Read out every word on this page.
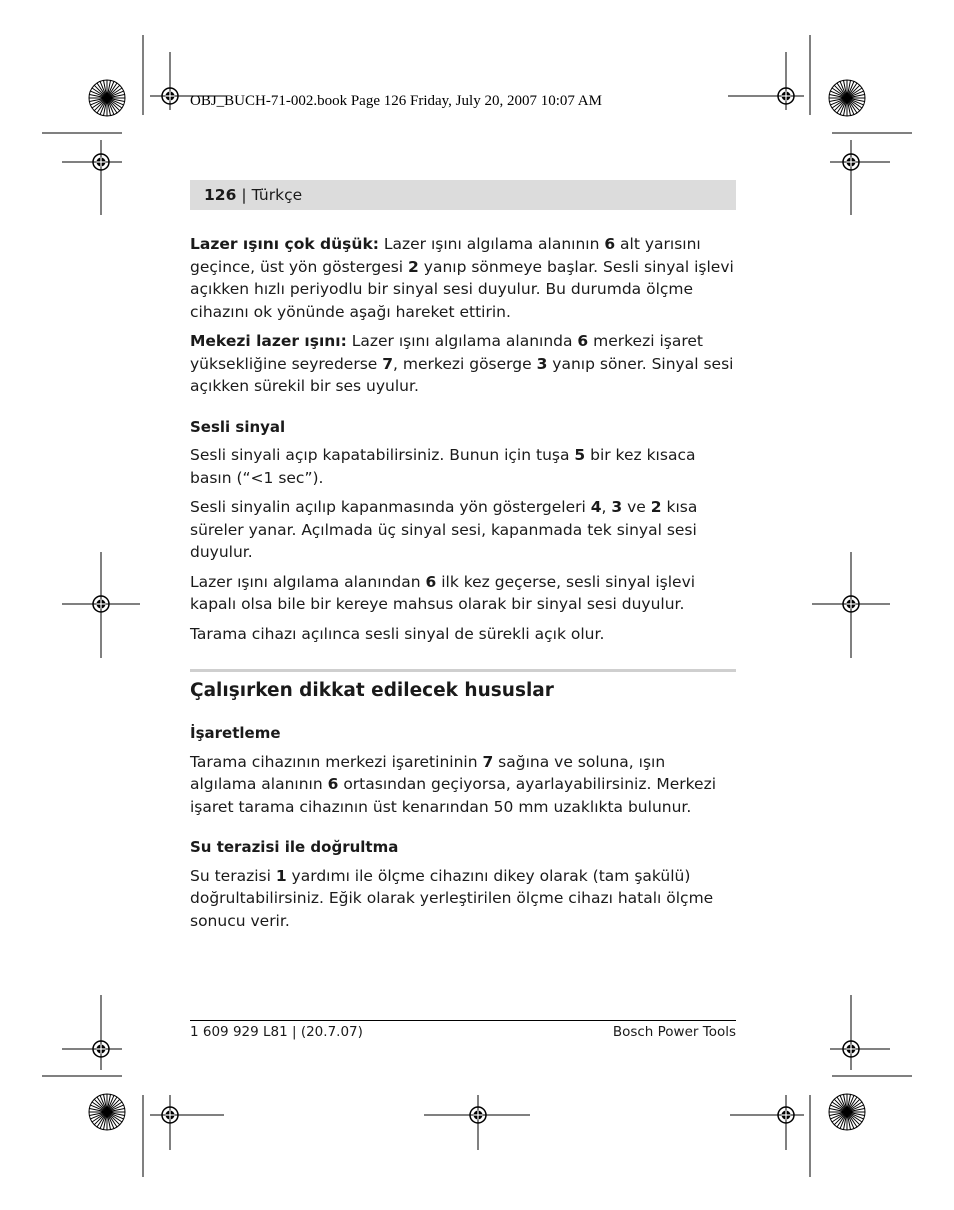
OBJ_BUCH-71-002.book Page 126 Friday, July 20, 2007 10:07 AM
126 | Türkçe

Lazer ışını çok düşük: Lazer ışını algılama alanının 6 alt yarısını geçince, üst yön göstergesi 2 yanıp sönmeye başlar. Sesli sinyal işlevi açıkken hızlı periyodlu bir sinyal sesi duyulur. Bu durumda ölçme cihazını ok yönünde aşağı hareket ettirin.

Mekezi lazer ışını: Lazer ışını algılama alanında 6 merkezi işaret yüksekliğine seyrederse 7, merkezi göserge 3 yanıp söner. Sinyal sesi açıkken sürekil bir ses uyulur.

Sesli sinyal

Sesli sinyali açıp kapatabilirsiniz. Bunun için tuşa 5 bir kez kısaca basın (“<1 sec”).

Sesli sinyalin açılıp kapanmasında yön göstergeleri 4, 3 ve 2 kısa süreler yanar. Açılmada üç sinyal sesi, kapanmada tek sinyal sesi duyulur.

Lazer ışını algılama alanından 6 ilk kez geçerse, sesli sinyal işlevi kapalı olsa bile bir kereye mahsus olarak bir sinyal sesi duyulur.

Tarama cihazı açılınca sesli sinyal de sürekli açık olur.

Çalışırken dikkat edilecek hususlar
İşaretleme

Tarama cihazının merkezi işaretininin 7 sağına ve soluna, ışın algılama alanının 6 ortasından geçiyorsa, ayarlayabilirsiniz. Merkezi işaret tarama cihazının üst kenarından 50 mm uzaklıkta bulunur.

Su terazisi ile doğrultma

Su terazisi 1 yardımı ile ölçme cihazını dikey olarak (tam şakülü) doğrultabilirsiniz. Eğik olarak yerleştirilen ölçme cihazı hatalı ölçme sonucu verir.

1 609 929 L81 | (20.7.07)	Bosch Power Tools
